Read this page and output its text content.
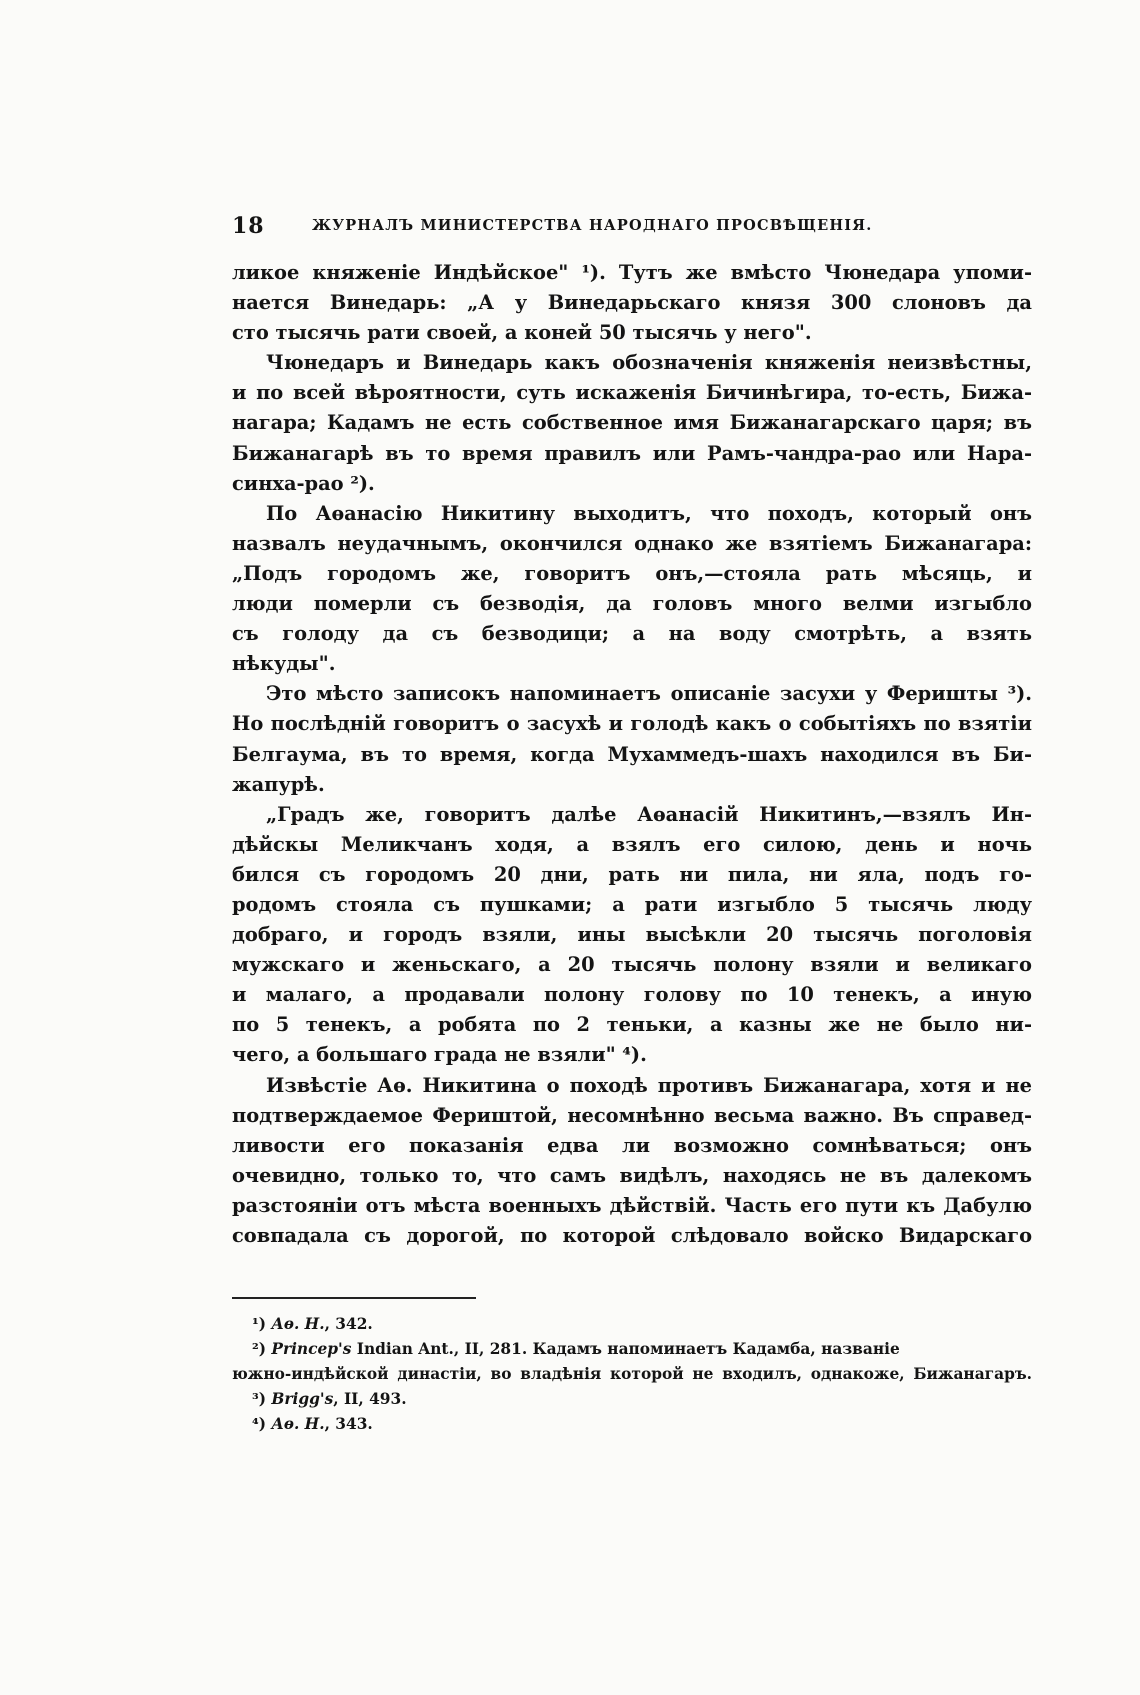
18	ЖУРНАЛЪ МИНИСТЕРСТВА НАРОДНАГО ПРОСВѢЩЕНІЯ.
ликое княженіе Индѣйское" ¹). Тутъ же вмѣсто Чюнедара упоми-
нается Винедарь: „А у Винедарьскаго князя 300 слоновъ да
сто тысячь рати своей, а коней 50 тысячь у него".
Чюнедаръ и Винедарь какъ обозначенія княженія неизвѣстны,
и по всей вѣроятности, суть искаженія Бичинѣгира, то-есть, Бижа-
нагара; Кадамъ не есть собственное имя Бижанагарскаго царя; въ
Бижанагарѣ въ то время правилъ или Рамъ-чандра-рао или Нара-
синха-рао ²).
По Аѳанасію Никитину выходитъ, что походъ, который онъ
назвалъ неудачнымъ, окончился однако же взятіемъ Бижанагара:
„Подъ городомъ же, говоритъ онъ,—стояла рать мѣсяць, и
люди померли съ безводія, да головъ много велми изгыбло
съ голоду да съ безводици; а на воду смотрѣть, а взять
нѣкуды".
Это мѣсто записокъ напоминаетъ описаніе засухи у Феришты ³).
Но послѣдній говоритъ о засухѣ и голодѣ какъ о событіяхъ по взятіи
Белгаума, въ то время, когда Мухаммедъ-шахъ находился въ Би-
жапурѣ.
„Градъ же, говоритъ далѣе Аѳанасій Никитинъ,—взялъ Ин-
дѣйскы Меликчанъ ходя, а взялъ его силою, день и ночь
бился съ городомъ 20 дни, рать ни пила, ни яла, подъ го-
родомъ стояла съ пушками; а рати изгыбло 5 тысячь люду
добраго, и городъ взяли, ины высѣкли 20 тысячь поголовія
мужскаго и женьскаго, а 20 тысячь полону взяли и великаго
и малаго, а продавали полону голову по 10 тенекъ, а иную
по 5 тенекъ, а робята по 2 теньки, а казны же не было ни-
чего, а большаго града не взяли" ⁴).
Извѣстіе Аѳ. Никитина о походѣ противъ Бижанагара, хотя и не
подтверждаемое Фериштой, несомнѣнно весьма важно. Въ справед-
ливости его показанія едва ли возможно сомнѣваться; онъ
очевидно, только то, что самъ видѣлъ, находясь не въ далекомъ
разстояніи отъ мѣста военныхъ дѣйствій. Часть его пути къ Дабулю
совпадала съ дорогой, по которой слѣдовало войско Видарскаго
¹) Аѳ. Н., 342.
²) Princep's Indian Ant., II, 281. Кадамъ напоминаетъ Кадамба, названіе
южно-индѣйской династіи, во владѣнія которой не входилъ, однакоже, Бижанагаръ.
³) Brigg's, II, 493.
⁴) Аѳ. Н., 343.
